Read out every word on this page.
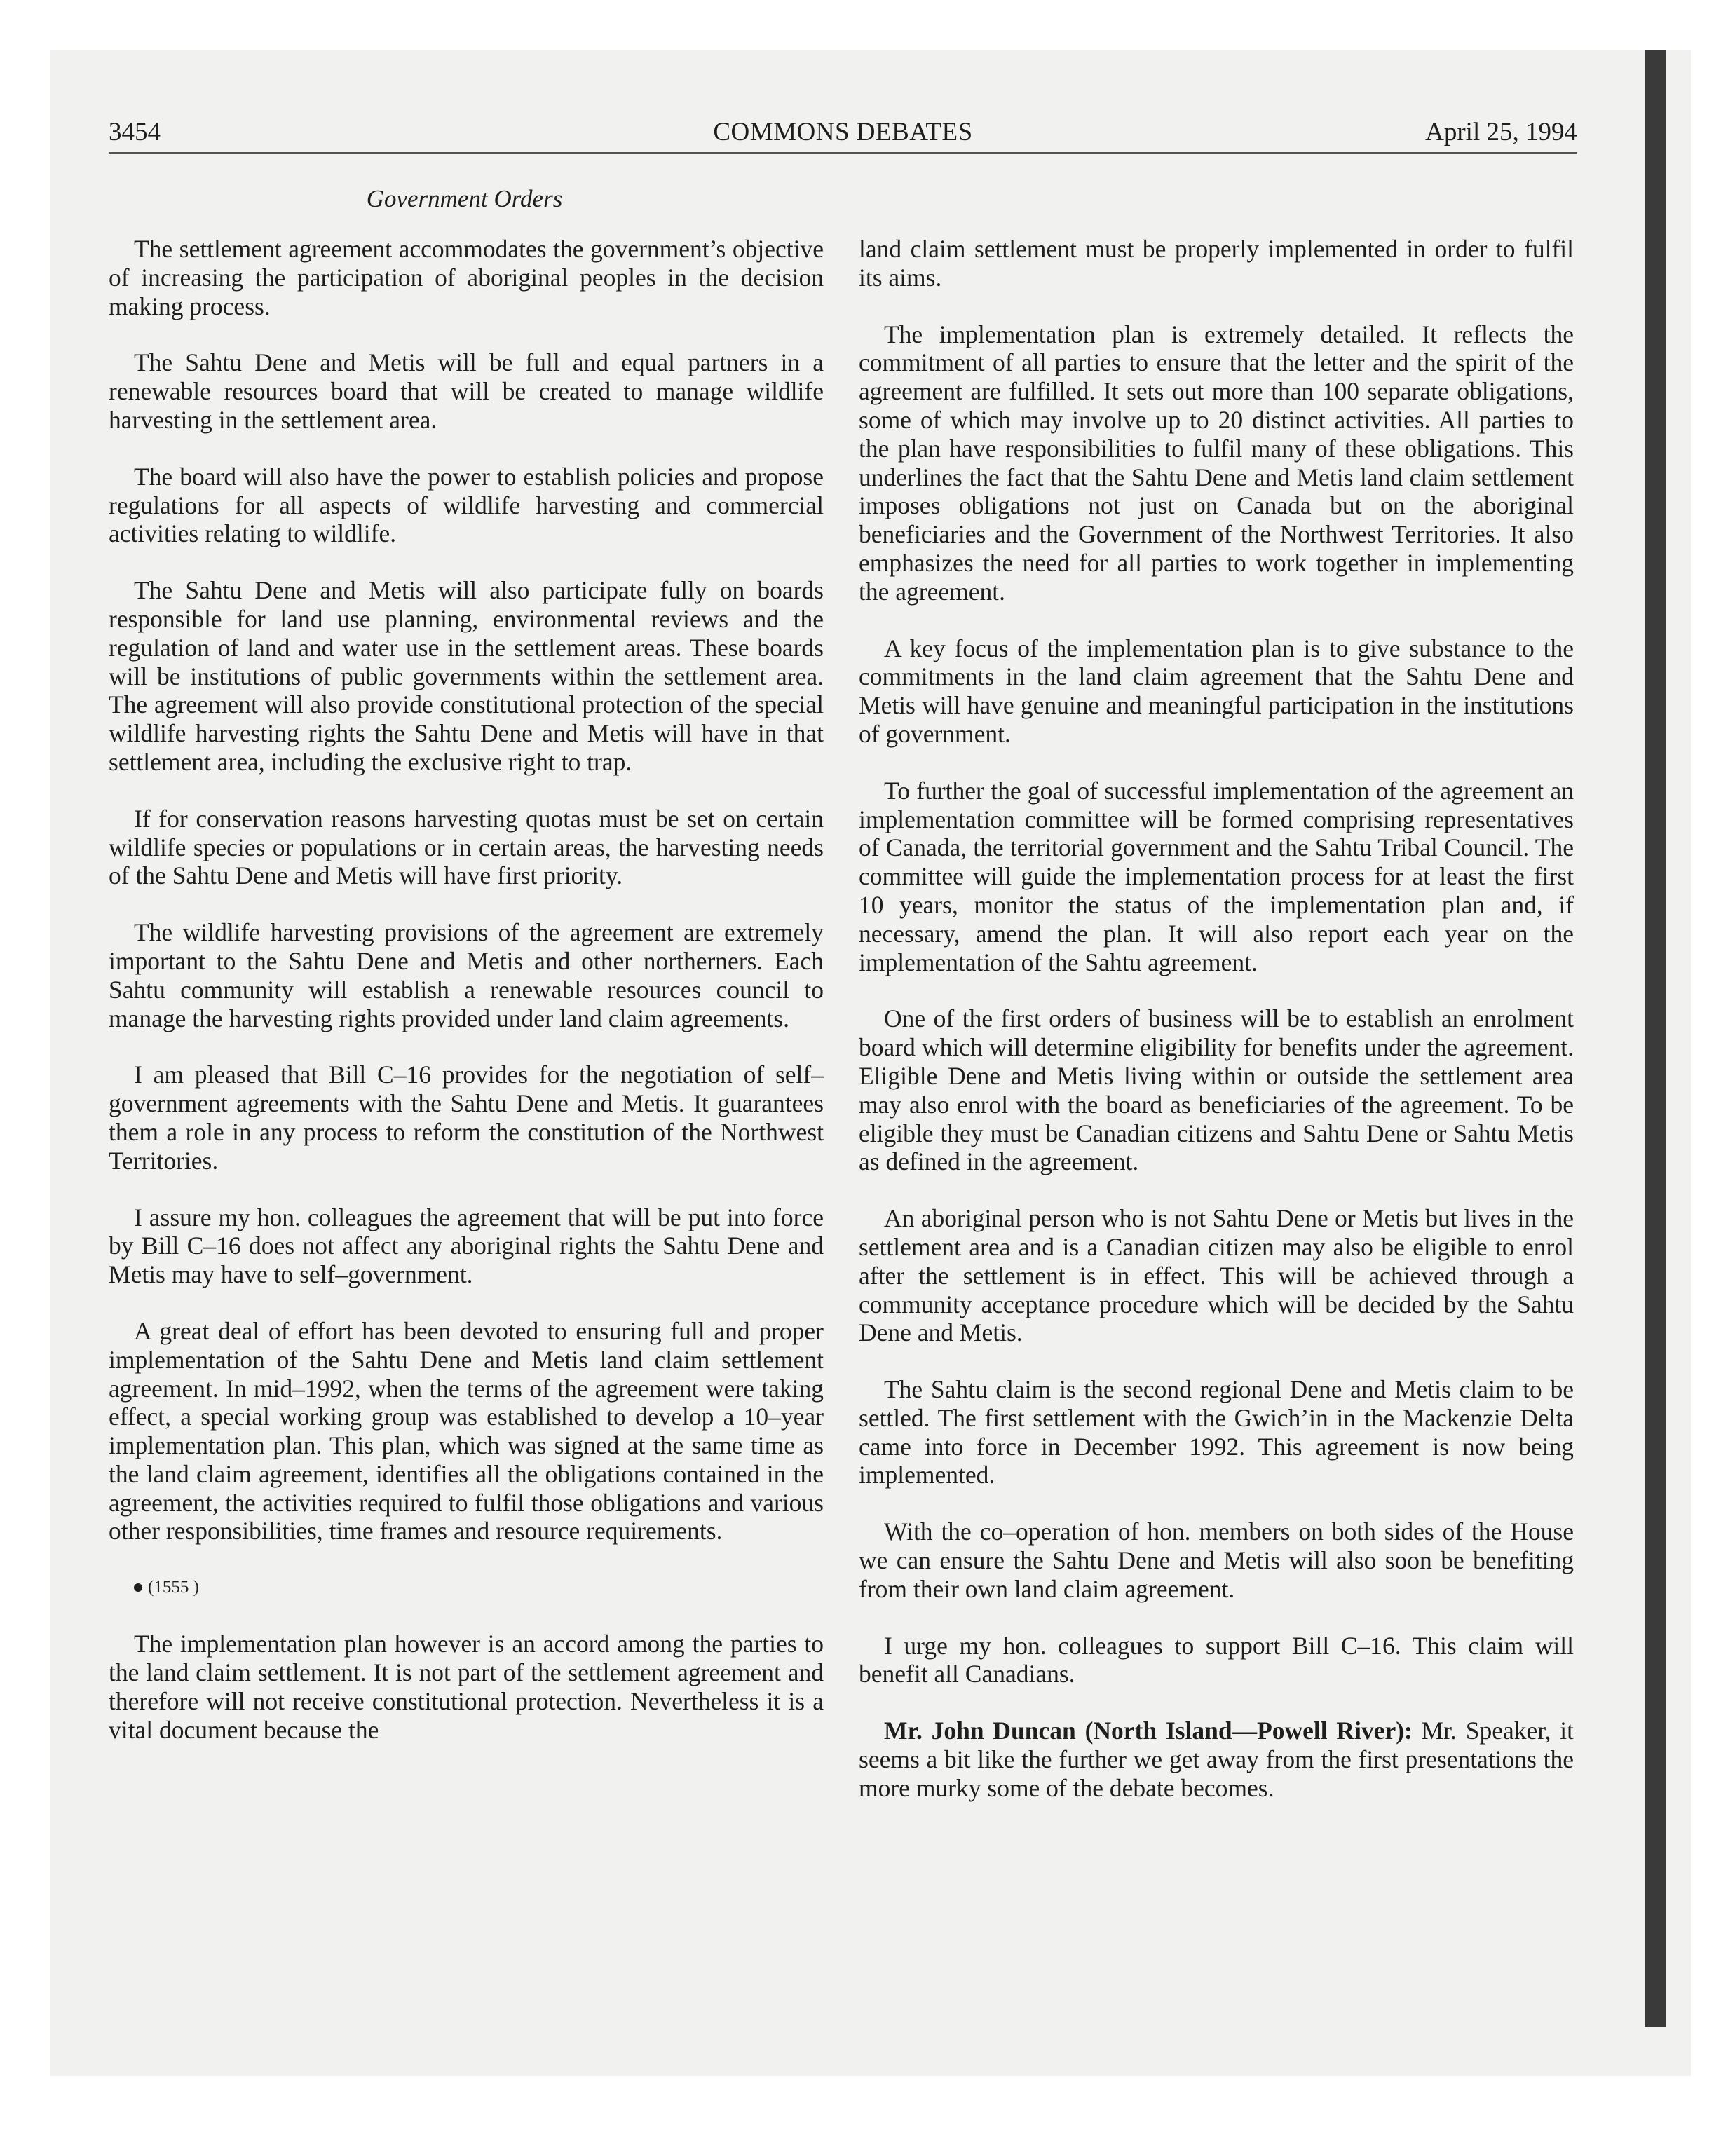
3454	COMMONS DEBATES	April 25, 1994
Government Orders

The settlement agreement accommodates the government’s objective of increasing the participation of aboriginal peoples in the decision making process.

The Sahtu Dene and Metis will be full and equal partners in a renewable resources board that will be created to manage wildlife harvesting in the settlement area.

The board will also have the power to establish policies and propose regulations for all aspects of wildlife harvesting and commercial activities relating to wildlife.

The Sahtu Dene and Metis will also participate fully on boards responsible for land use planning, environmental reviews and the regulation of land and water use in the settlement areas. These boards will be institutions of public governments within the settlement area. The agreement will also provide constitutional protection of the special wildlife harvesting rights the Sahtu Dene and Metis will have in that settlement area, including the exclusive right to trap.

If for conservation reasons harvesting quotas must be set on certain wildlife species or populations or in certain areas, the harvesting needs of the Sahtu Dene and Metis will have first priority.

The wildlife harvesting provisions of the agreement are extremely important to the Sahtu Dene and Metis and other northerners. Each Sahtu community will establish a renewable resources council to manage the harvesting rights provided under land claim agreements.

I am pleased that Bill C–16 provides for the negotiation of self–government agreements with the Sahtu Dene and Metis. It guarantees them a role in any process to reform the constitution of the Northwest Territories.

I assure my hon. colleagues the agreement that will be put into force by Bill C–16 does not affect any aboriginal rights the Sahtu Dene and Metis may have to self–government.

A great deal of effort has been devoted to ensuring full and proper implementation of the Sahtu Dene and Metis land claim settlement agreement. In mid–1992, when the terms of the agreement were taking effect, a special working group was established to develop a 10–year implementation plan. This plan, which was signed at the same time as the land claim agreement, identifies all the obligations contained in the agreement, the activities required to fulfil those obligations and various other responsibilities, time frames and resource requirements.

(1555 )

The implementation plan however is an accord among the parties to the land claim settlement. It is not part of the settlement agreement and therefore will not receive constitutional protection. Nevertheless it is a vital document because the

land claim settlement must be properly implemented in order to fulfil its aims.

The implementation plan is extremely detailed. It reflects the commitment of all parties to ensure that the letter and the spirit of the agreement are fulfilled. It sets out more than 100 separate obligations, some of which may involve up to 20 distinct activities. All parties to the plan have responsibilities to fulfil many of these obligations. This underlines the fact that the Sahtu Dene and Metis land claim settlement imposes obligations not just on Canada but on the aboriginal beneficiaries and the Government of the Northwest Territories. It also emphasizes the need for all parties to work together in implementing the agreement.

A key focus of the implementation plan is to give substance to the commitments in the land claim agreement that the Sahtu Dene and Metis will have genuine and meaningful participation in the institutions of government.

To further the goal of successful implementation of the agreement an implementation committee will be formed comprising representatives of Canada, the territorial government and the Sahtu Tribal Council. The committee will guide the implementation process for at least the first 10 years, monitor the status of the implementation plan and, if necessary, amend the plan. It will also report each year on the implementation of the Sahtu agreement.

One of the first orders of business will be to establish an enrolment board which will determine eligibility for benefits under the agreement. Eligible Dene and Metis living within or outside the settlement area may also enrol with the board as beneficiaries of the agreement. To be eligible they must be Canadian citizens and Sahtu Dene or Sahtu Metis as defined in the agreement.

An aboriginal person who is not Sahtu Dene or Metis but lives in the settlement area and is a Canadian citizen may also be eligible to enrol after the settlement is in effect. This will be achieved through a community acceptance procedure which will be decided by the Sahtu Dene and Metis.

The Sahtu claim is the second regional Dene and Metis claim to be settled. The first settlement with the Gwich’in in the Mackenzie Delta came into force in December 1992. This agreement is now being implemented.

With the co–operation of hon. members on both sides of the House we can ensure the Sahtu Dene and Metis will also soon be benefiting from their own land claim agreement.

I urge my hon. colleagues to support Bill C–16. This claim will benefit all Canadians.

Mr. John Duncan (North Island—Powell River): Mr. Speaker, it seems a bit like the further we get away from the first presentations the more murky some of the debate becomes.
